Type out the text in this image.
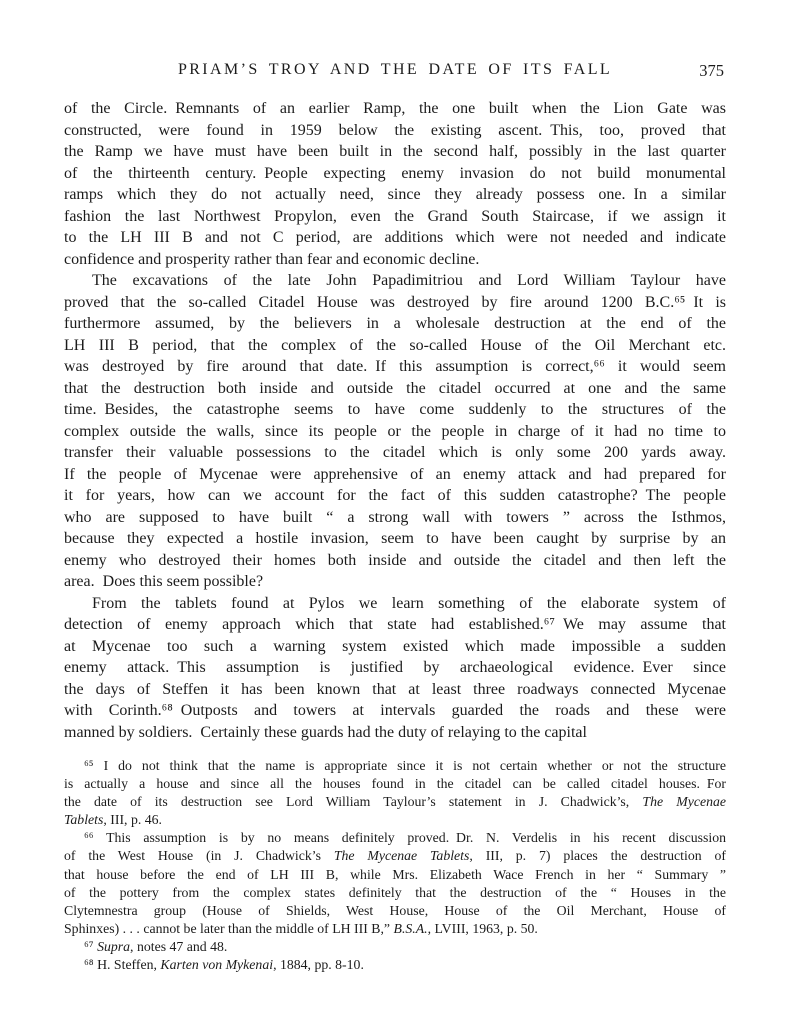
PRIAM’S TROY AND THE DATE OF ITS FALL	375
of the Circle. Remnants of an earlier Ramp, the one built when the Lion Gate was
constructed, were found in 1959 below the existing ascent. This, too, proved that
the Ramp we have must have been built in the second half, possibly in the last quarter
of the thirteenth century. People expecting enemy invasion do not build monumental
ramps which they do not actually need, since they already possess one. In a similar
fashion the last Northwest Propylon, even the Grand South Staircase, if we assign it
to the LH III B and not C period, are additions which were not needed and indicate
confidence and prosperity rather than fear and economic decline.
The excavations of the late John Papadimitriou and Lord William Taylour have
proved that the so-called Citadel House was destroyed by fire around 1200 B.C.⁶⁵ It is
furthermore assumed, by the believers in a wholesale destruction at the end of the
LH III B period, that the complex of the so-called House of the Oil Merchant etc.
was destroyed by fire around that date. If this assumption is correct,⁶⁶ it would seem
that the destruction both inside and outside the citadel occurred at one and the same
time. Besides, the catastrophe seems to have come suddenly to the structures of the
complex outside the walls, since its people or the people in charge of it had no time to
transfer their valuable possessions to the citadel which is only some 200 yards away.
If the people of Mycenae were apprehensive of an enemy attack and had prepared for
it for years, how can we account for the fact of this sudden catastrophe? The people
who are supposed to have built “ a strong wall with towers ” across the Isthmos,
because they expected a hostile invasion, seem to have been caught by surprise by an
enemy who destroyed their homes both inside and outside the citadel and then left the
area. Does this seem possible?
From the tablets found at Pylos we learn something of the elaborate system of
detection of enemy approach which that state had established.⁶⁷ We may assume that
at Mycenae too such a warning system existed which made impossible a sudden
enemy attack. This assumption is justified by archaeological evidence. Ever since
the days of Steffen it has been known that at least three roadways connected Mycenae
with Corinth.⁶⁸ Outposts and towers at intervals guarded the roads and these were
manned by soldiers. Certainly these guards had the duty of relaying to the capital
⁶⁵ I do not think that the name is appropriate since it is not certain whether or not the structure
is actually a house and since all the houses found in the citadel can be called citadel houses. For
the date of its destruction see Lord William Taylour’s statement in J. Chadwick’s, The Mycenae
Tablets, III, p. 46.
⁶⁶ This assumption is by no means definitely proved. Dr. N. Verdelis in his recent discussion
of the West House (in J. Chadwick’s The Mycenae Tablets, III, p. 7) places the destruction of
that house before the end of LH III B, while Mrs. Elizabeth Wace French in her “ Summary ”
of the pottery from the complex states definitely that the destruction of the “ Houses in the
Clytemnestra group (House of Shields, West House, House of the Oil Merchant, House of
Sphinxes) . . . cannot be later than the middle of LH III B,” B.S.A., LVIII, 1963, p. 50.
⁶⁷ Supra, notes 47 and 48.
⁶⁸ H. Steffen, Karten von Mykenai, 1884, pp. 8-10.
